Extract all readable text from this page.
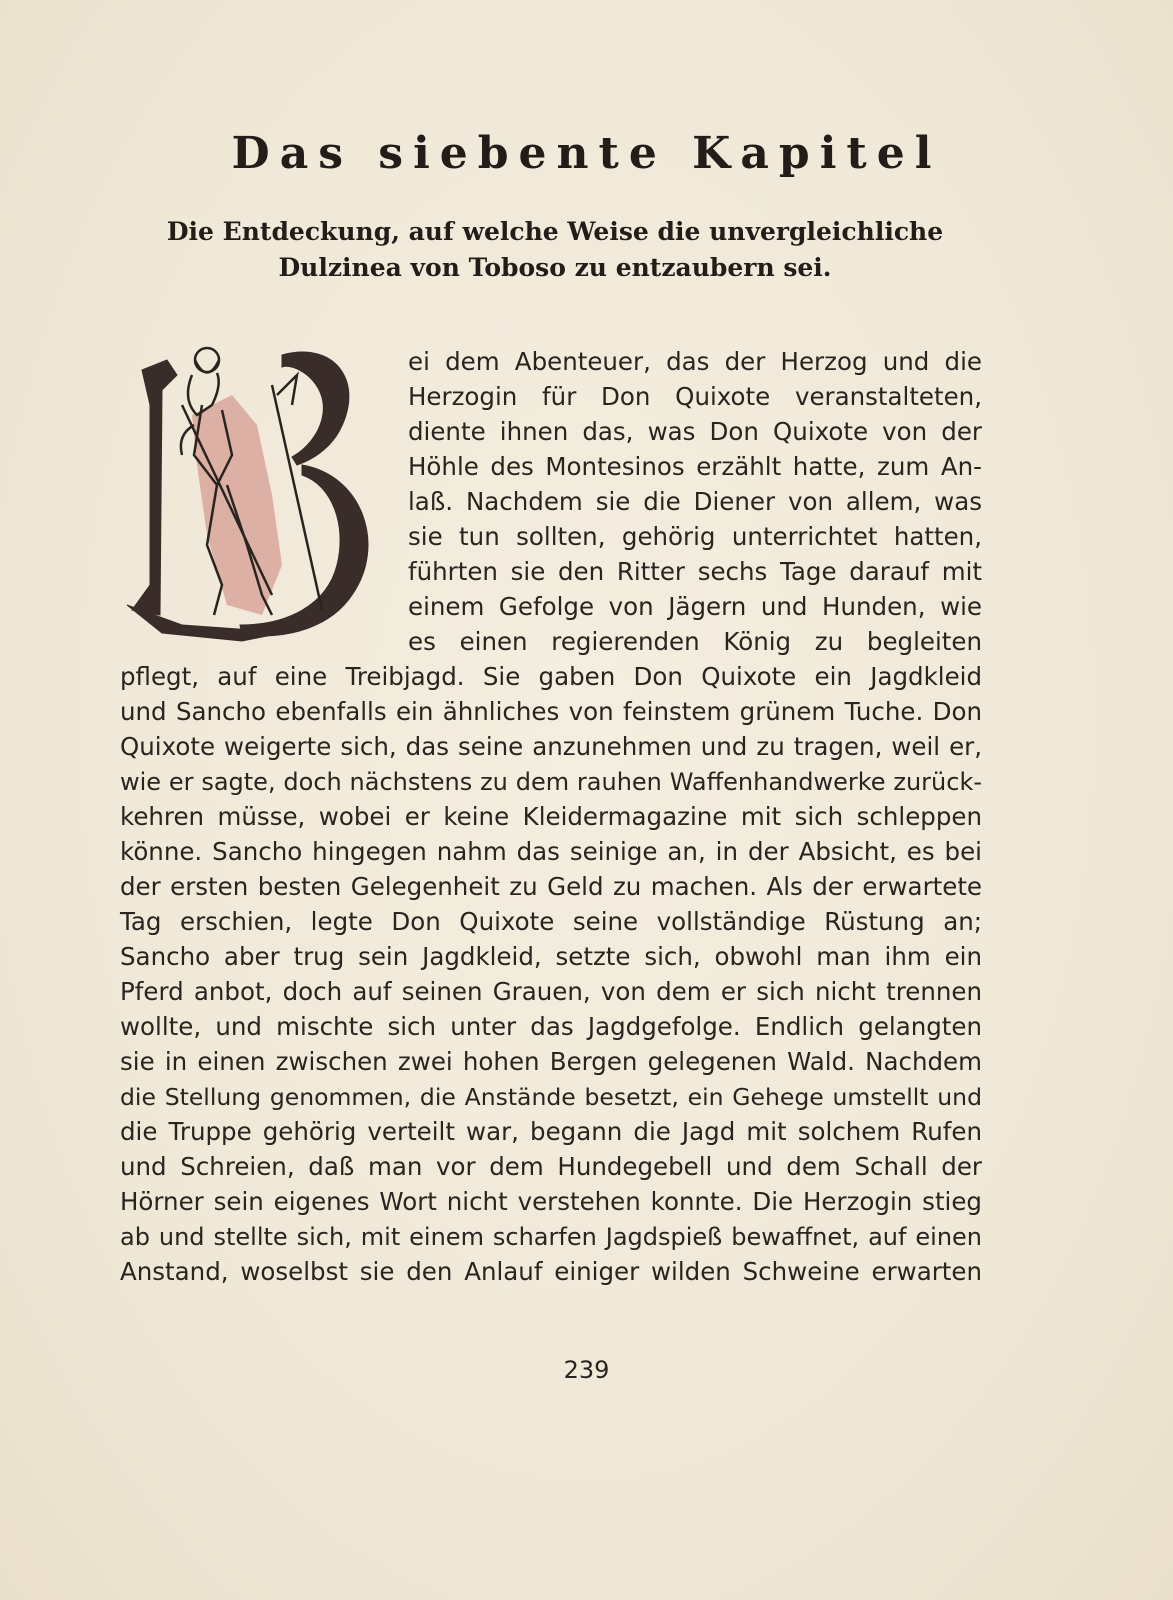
Das siebente Kapitel
Die Entdeckung, auf welche Weise die unvergleichliche Dulzinea von Toboso zu entzaubern sei.
ei dem Abenteuer, das der Herzog und die
Herzogin für Don Quixote veranstalteten,
diente ihnen das, was Don Quixote von der
Höhle des Montesinos erzählt hatte, zum An-
laß. Nachdem sie die Diener von allem, was
sie tun sollten, gehörig unterrichtet hatten,
führten sie den Ritter sechs Tage darauf mit
einem Gefolge von Jägern und Hunden, wie
es einen regierenden König zu begleiten
pflegt, auf eine Treibjagd. Sie gaben Don Quixote ein Jagdkleid
und Sancho ebenfalls ein ähnliches von feinstem grünem Tuche. Don
Quixote weigerte sich, das seine anzunehmen und zu tragen, weil er,
wie er sagte, doch nächstens zu dem rauhen Waffenhandwerke zurück-
kehren müsse, wobei er keine Kleidermagazine mit sich schleppen
könne. Sancho hingegen nahm das seinige an, in der Absicht, es bei
der ersten besten Gelegenheit zu Geld zu machen. Als der erwartete
Tag erschien, legte Don Quixote seine vollständige Rüstung an;
Sancho aber trug sein Jagdkleid, setzte sich, obwohl man ihm ein
Pferd anbot, doch auf seinen Grauen, von dem er sich nicht trennen
wollte, und mischte sich unter das Jagdgefolge. Endlich gelangten
sie in einen zwischen zwei hohen Bergen gelegenen Wald. Nachdem
die Stellung genommen, die Anstände besetzt, ein Gehege umstellt und
die Truppe gehörig verteilt war, begann die Jagd mit solchem Rufen
und Schreien, daß man vor dem Hundegebell und dem Schall der
Hörner sein eigenes Wort nicht verstehen konnte. Die Herzogin stieg
ab und stellte sich, mit einem scharfen Jagdspieß bewaffnet, auf einen
Anstand, woselbst sie den Anlauf einiger wilden Schweine erwarten
239
